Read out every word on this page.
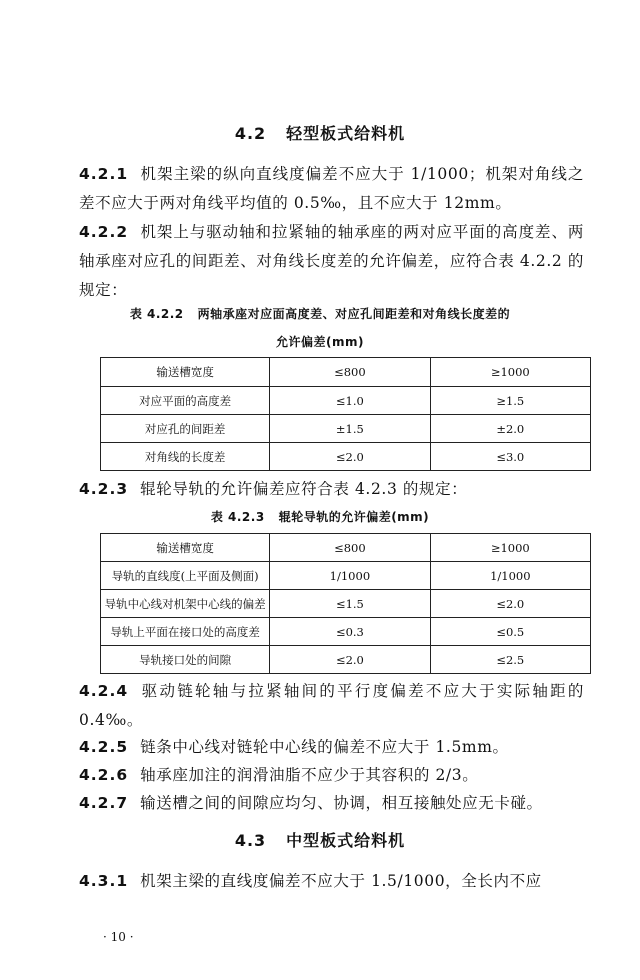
4.2 轻型板式给料机
4.2.1 机架主梁的纵向直线度偏差不应大于 1/1000；机架对角线之差不应大于两对角线平均值的 0.5‰，且不应大于 12mm。
4.2.2 机架上与驱动轴和拉紧轴的轴承座的两对应平面的高度差、两轴承座对应孔的间距差、对角线长度差的允许偏差，应符合表 4.2.2 的规定：
表 4.2.2 两轴承座对应面高度差、对应孔间距差和对角线长度差的
允许偏差(mm)
输送槽宽度	≤800	≥1000
对应平面的高度差	≤1.0	≥1.5
对应孔的间距差	±1.5	±2.0
对角线的长度差	≤2.0	≤3.0
4.2.3 辊轮导轨的允许偏差应符合表 4.2.3 的规定：
表 4.2.3 辊轮导轨的允许偏差(mm)
输送槽宽度	≤800	≥1000
导轨的直线度(上平面及侧面)	1/1000	1/1000
导轨中心线对机架中心线的偏差	≤1.5	≤2.0
导轨上平面在接口处的高度差	≤0.3	≤0.5
导轨接口处的间隙	≤2.0	≤2.5
4.2.4 驱动链轮轴与拉紧轴间的平行度偏差不应大于实际轴距的 0.4‰。
4.2.5 链条中心线对链轮中心线的偏差不应大于 1.5mm。
4.2.6 轴承座加注的润滑油脂不应少于其容积的 2/3。
4.2.7 输送槽之间的间隙应均匀、协调，相互接触处应无卡碰。
4.3 中型板式给料机
4.3.1 机架主梁的直线度偏差不应大于 1.5/1000，全长内不应
· 10 ·
